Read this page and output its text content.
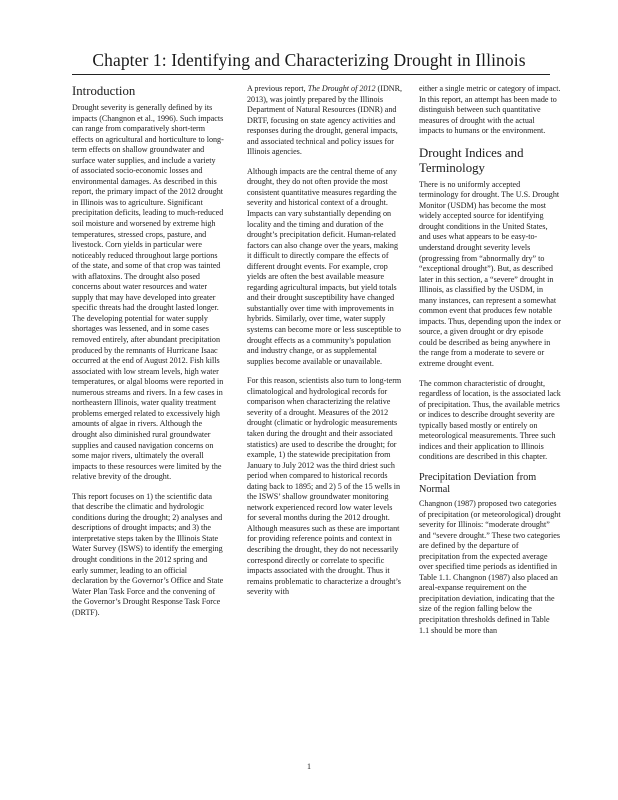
Chapter 1: Identifying and Characterizing Drought in Illinois
Introduction

Drought severity is generally defined by its impacts (Changnon et al., 1996). Such impacts can range from comparatively short-term effects on agricultural and horticulture to long-term effects on shallow groundwater and surface water supplies, and include a variety of associated socio-economic losses and environmental damages. As described in this report, the primary impact of the 2012 drought in Illinois was to agriculture. Significant precipitation deficits, leading to much-reduced soil moisture and worsened by extreme high temperatures, stressed crops, pasture, and livestock. Corn yields in particular were noticeably reduced throughout large portions of the state, and some of that crop was tainted with aflatoxins. The drought also posed concerns about water resources and water supply that may have developed into greater specific threats had the drought lasted longer. The developing potential for water supply shortages was lessened, and in some cases removed entirely, after abundant precipitation produced by the remnants of Hurricane Isaac occurred at the end of August 2012. Fish kills associated with low stream levels, high water temperatures, or algal blooms were reported in numerous streams and rivers. In a few cases in northeastern Illinois, water quality treatment problems emerged related to excessively high amounts of algae in rivers. Although the drought also diminished rural groundwater supplies and caused navigation concerns on some major rivers, ultimately the overall impacts to these resources were limited by the relative brevity of the drought.

This report focuses on 1) the scientific data that describe the climatic and hydrologic conditions during the drought; 2) analyses and descriptions of drought impacts; and 3) the interpretative steps taken by the Illinois State Water Survey (ISWS) to identify the emerging drought conditions in the 2012 spring and early summer, leading to an official declaration by the Governor’s Office and State Water Plan Task Force and the convening of the Governor’s Drought Response Task Force (DRTF).

A previous report, The Drought of 2012 (IDNR, 2013), was jointly prepared by the Illinois Department of Natural Resources (IDNR) and DRTF, focusing on state agency activities and responses during the drought, general impacts, and associated technical and policy issues for Illinois agencies.

Although impacts are the central theme of any drought, they do not often provide the most consistent quantitative measures regarding the severity and historical context of a drought. Impacts can vary substantially depending on locality and the timing and duration of the drought’s precipitation deficit. Human-related factors can also change over the years, making it difficult to directly compare the effects of different drought events. For example, crop yields are often the best available measure regarding agricultural impacts, but yield totals and their drought susceptibility have changed substantially over time with improvements in hybrids. Similarly, over time, water supply systems can become more or less susceptible to drought effects as a community’s population and industry change, or as supplemental supplies become available or unavailable.

For this reason, scientists also turn to long-term climatological and hydrological records for comparison when characterizing the relative severity of a drought. Measures of the 2012 drought (climatic or hydrologic measurements taken during the drought and their associated statistics) are used to describe the drought; for example, 1) the statewide precipitation from January to July 2012 was the third driest such period when compared to historical records dating back to 1895; and 2) 5 of the 15 wells in the ISWS’ shallow groundwater monitoring network experienced record low water levels for several months during the 2012 drought. Although measures such as these are important for providing reference points and context in describing the drought, they do not necessarily correspond directly or correlate to specific impacts associated with the drought. Thus it remains problematic to characterize a drought’s severity with

either a single metric or category of impact. In this report, an attempt has been made to distinguish between such quantitative measures of drought with the actual impacts to humans or the environment.

Drought Indices and Terminology

There is no uniformly accepted terminology for drought. The U.S. Drought Monitor (USDM) has become the most widely accepted source for identifying drought conditions in the United States, and uses what appears to be easy-to-understand drought severity levels (progressing from “abnormally dry” to “exceptional drought”). But, as described later in this section, a “severe” drought in Illinois, as classified by the USDM, in many instances, can represent a somewhat common event that produces few notable impacts. Thus, depending upon the index or source, a given drought or dry episode could be described as being anywhere in the range from a moderate to severe or extreme drought event.

The common characteristic of drought, regardless of location, is the associated lack of precipitation. Thus, the available metrics or indices to describe drought severity are typically based mostly or entirely on meteorological measurements. Three such indices and their application to Illinois conditions are described in this chapter.

Precipitation Deviation from Normal

Changnon (1987) proposed two categories of precipitation (or meteorological) drought severity for Illinois: “moderate drought” and “severe drought.” These two categories are defined by the departure of precipitation from the expected average over specified time periods as identified in Table 1.1. Changnon (1987) also placed an areal-expanse requirement on the precipitation deviation, indicating that the size of the region falling below the precipitation thresholds defined in Table 1.1 should be more than

1
